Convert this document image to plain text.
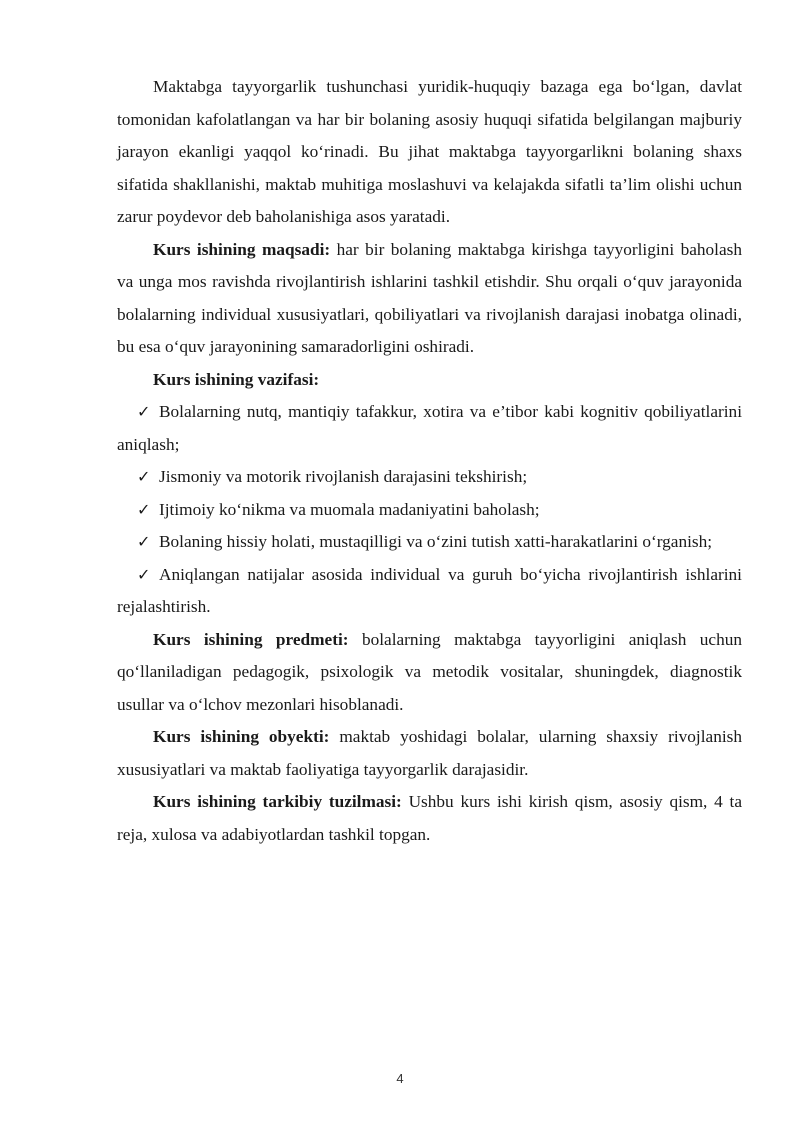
Maktabga tayyorgarlik tushunchasi yuridik-huquqiy bazaga ega bo‘lgan, davlat tomonidan kafolatlangan va har bir bolaning asosiy huquqi sifatida belgilangan majburiy jarayon ekanligi yaqqol ko‘rinadi. Bu jihat maktabga tayyorgarlikni bolaning shaxs sifatida shakllanishi, maktab muhitiga moslashuvi va kelajakda sifatli ta’lim olishi uchun zarur poydevor deb baholanishiga asos yaratadi.

Kurs ishining maqsadi: har bir bolaning maktabga kirishga tayyorligini baholash va unga mos ravishda rivojlantirish ishlarini tashkil etishdir. Shu orqali o‘quv jarayonida bolalarning individual xususiyatlari, qobiliyatlari va rivojlanish darajasi inobatga olinadi, bu esa o‘quv jarayonining samaradorligini oshiradi.

Kurs ishining vazifasi:
✓ Bolalarning nutq, mantiqiy tafakkur, xotira va e’tibor kabi kognitiv qobiliyatlarini aniqlash;
✓ Jismoniy va motorik rivojlanish darajasini tekshirish;
✓ Ijtimoiy ko‘nikma va muomala madaniyatini baholash;
✓ Bolaning hissiy holati, mustaqilligi va o‘zini tutish xatti-harakatlarini o‘rganish;
✓ Aniqlangan natijalar asosida individual va guruh bo‘yicha rivojlantirish ishlarini rejalashtirish.

Kurs ishining predmeti: bolalarning maktabga tayyorligini aniqlash uchun qo‘llaniladigan pedagogik, psixologik va metodik vositalar, shuningdek, diagnostik usullar va o‘lchov mezonlari hisoblanadi.

Kurs ishining obyekti: maktab yoshidagi bolalar, ularning shaxsiy rivojlanish xususiyatlari va maktab faoliyatiga tayyorgarlik darajasidir.

Kurs ishining tarkibiy tuzilmasi: Ushbu kurs ishi kirish qism, asosiy qism, 4 ta reja, xulosa va adabiyotlardan tashkil topgan.

4
